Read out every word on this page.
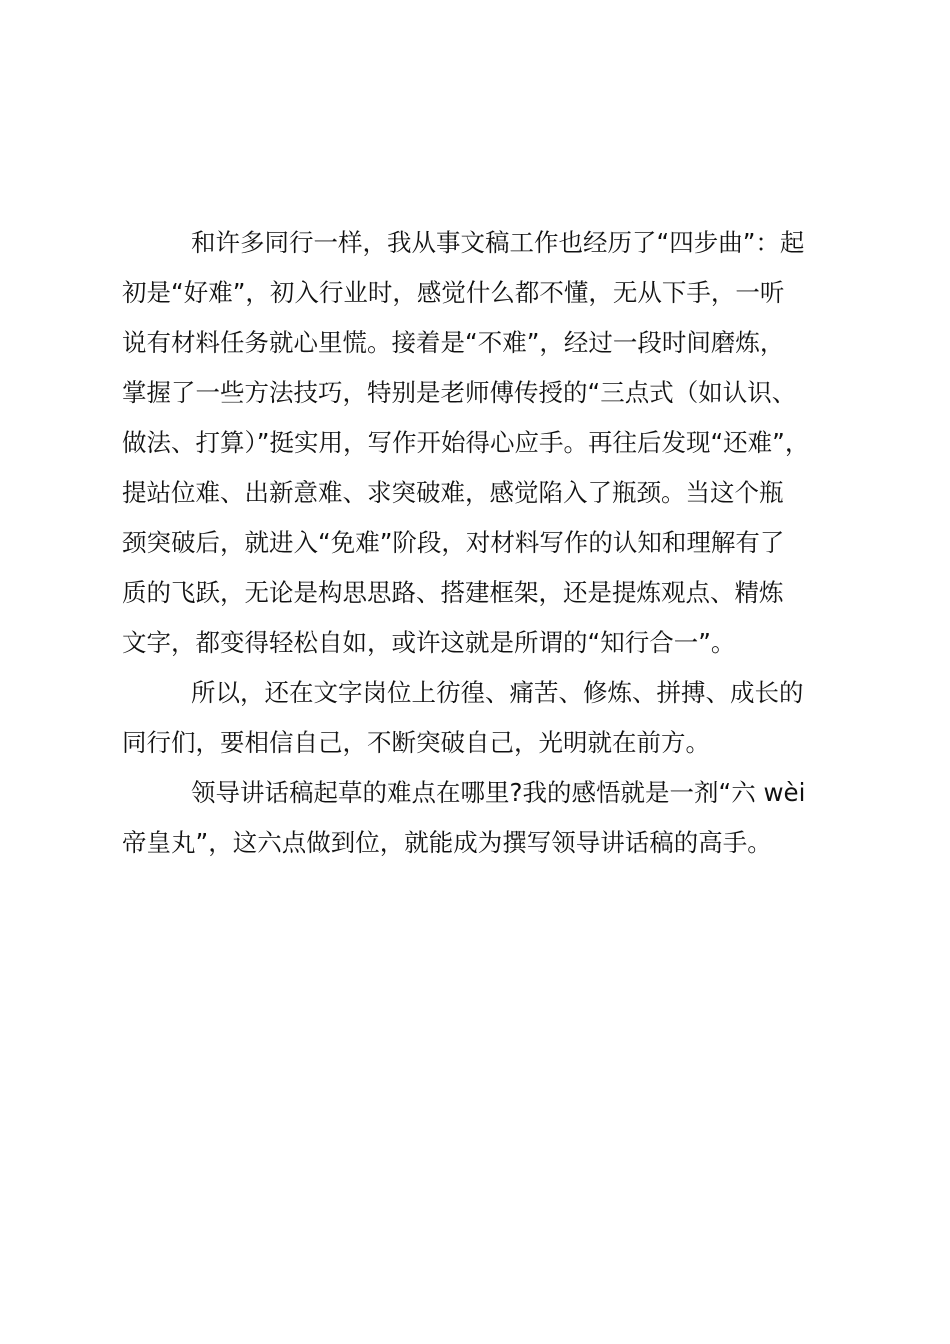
和许多同行一样，我从事文稿工作也经历了“四步曲”：起
初是“好难”，初入行业时，感觉什么都不懂，无从下手，一听
说有材料任务就心里慌。接着是“不难”，经过一段时间磨炼，
掌握了一些方法技巧，特别是老师傅传授的“三点式（如认识、
做法、打算）”挺实用，写作开始得心应手。再往后发现“还难”，
提站位难、出新意难、求突破难，感觉陷入了瓶颈。当这个瓶
颈突破后，就进入“免难”阶段，对材料写作的认知和理解有了
质的飞跃，无论是构思思路、搭建框架，还是提炼观点、精炼
文字，都变得轻松自如，或许这就是所谓的“知行合一”。
所以，还在文字岗位上彷徨、痛苦、修炼、拼搏、成长的
同行们，要相信自己，不断突破自己，光明就在前方。
领导讲话稿起草的难点在哪里?我的感悟就是一剂“六 wèi
帝皇丸”，这六点做到位，就能成为撰写领导讲话稿的高手。
